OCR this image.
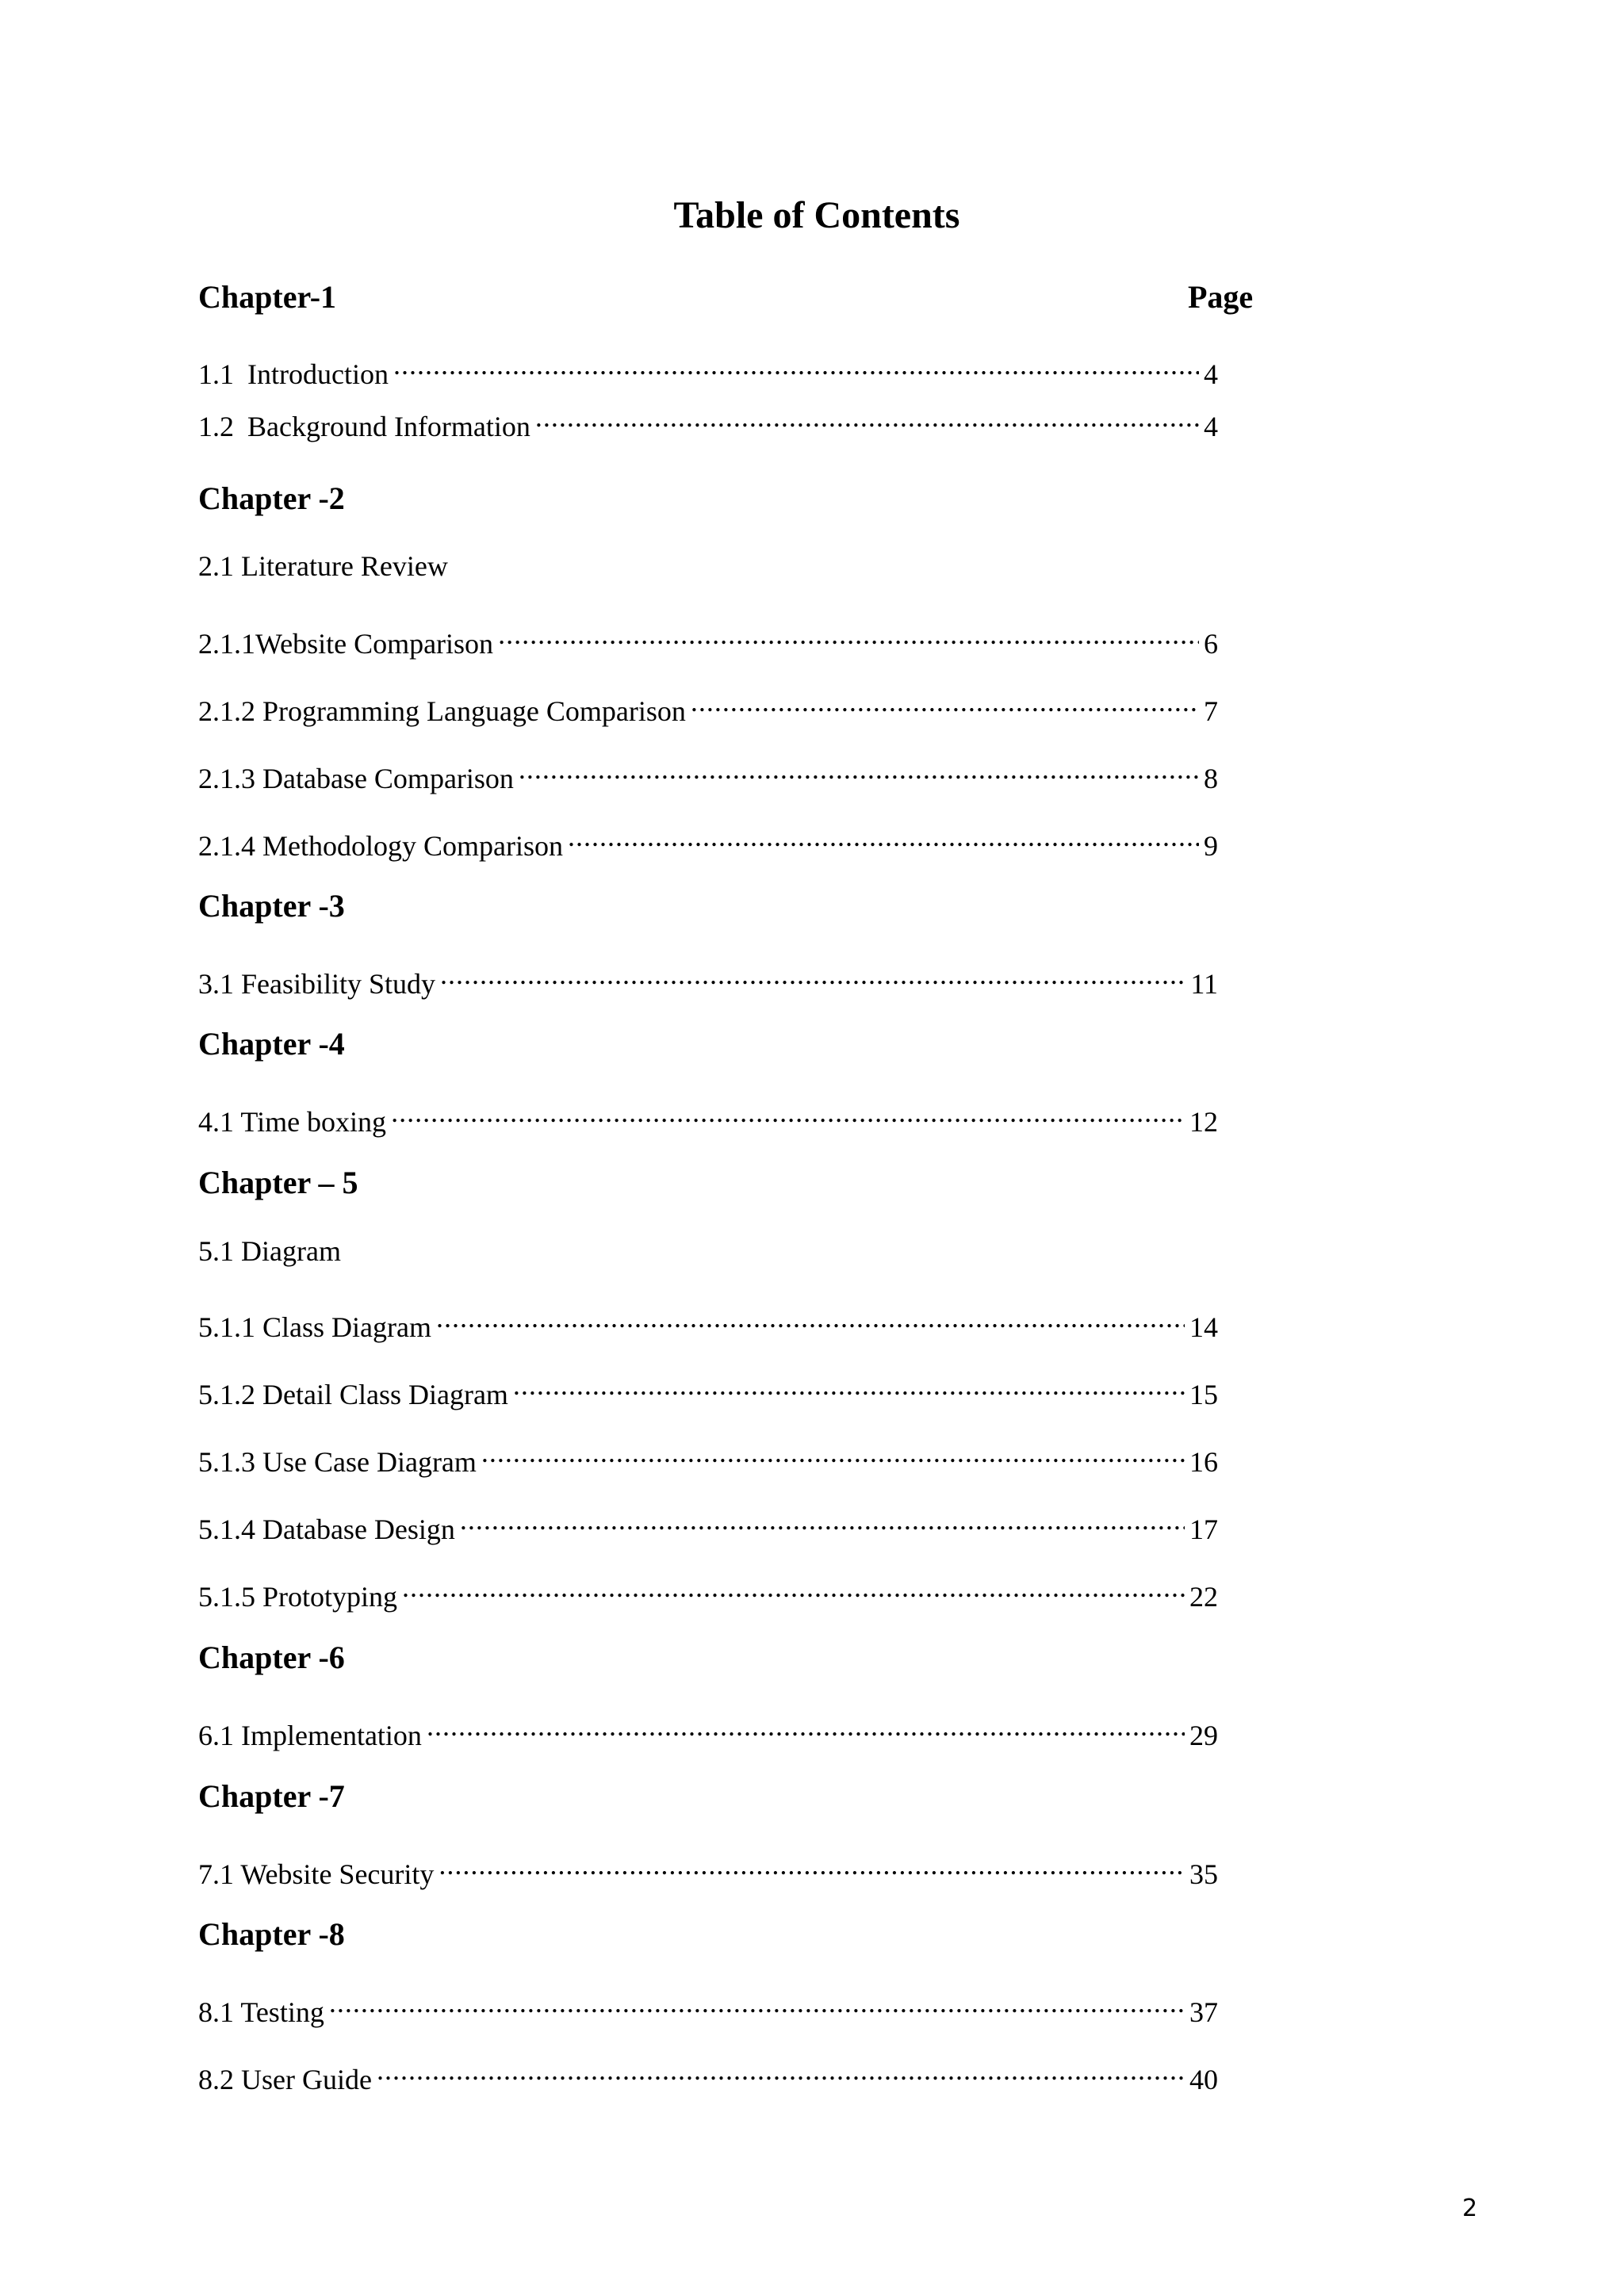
Table of Contents
Chapter-1	Page
1.1 Introduction .....	4
1.2 Background Information .....	4
Chapter -2
2.1 Literature Review
2.1.1Website Comparison .....	6
2.1.2 Programming Language Comparison .....	7
2.1.3 Database Comparison .....	8
2.1.4 Methodology Comparison .....	9
Chapter -3
3.1 Feasibility Study .....	11
Chapter -4
4.1 Time boxing .....	12
Chapter – 5
5.1 Diagram
5.1.1 Class Diagram .....	14
5.1.2 Detail Class Diagram .....	15
5.1.3 Use Case Diagram .....	16
5.1.4 Database Design .....	17
5.1.5 Prototyping .....	22
Chapter -6
6.1 Implementation .....	29
Chapter -7
7.1 Website Security .....	35
Chapter -8
8.1 Testing .....	37
8.2 User Guide .....	40
2
